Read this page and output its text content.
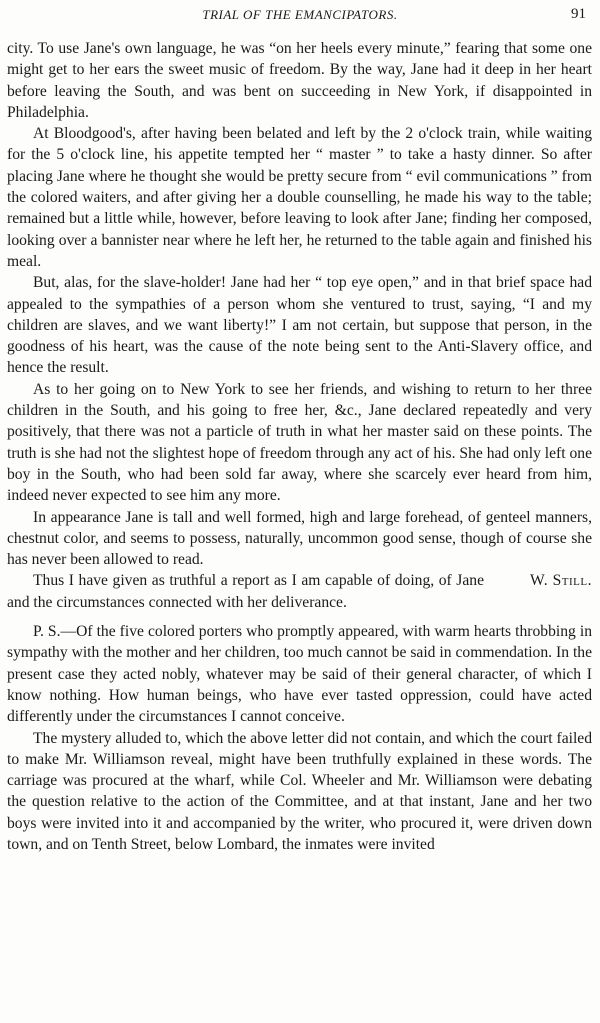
TRIAL OF THE EMANCIPATORS.	91

city. To use Jane's own language, he was “on her heels every minute,” fearing that some one might get to her ears the sweet music of freedom. By the way, Jane had it deep in her heart before leaving the South, and was bent on succeeding in New York, if disappointed in Philadelphia.

At Bloodgood's, after having been belated and left by the 2 o'clock train, while waiting for the 5 o'clock line, his appetite tempted her “ master ” to take a hasty dinner. So after placing Jane where he thought she would be pretty secure from “ evil communications ” from the colored waiters, and after giving her a double counselling, he made his way to the table; remained but a little while, however, before leaving to look after Jane; finding her composed, looking over a bannister near where he left her, he returned to the table again and finished his meal.

But, alas, for the slave-holder! Jane had her “ top eye open,” and in that brief space had appealed to the sympathies of a person whom she ventured to trust, saying, “I and my children are slaves, and we want liberty!” I am not certain, but suppose that person, in the goodness of his heart, was the cause of the note being sent to the Anti-Slavery office, and hence the result.

As to her going on to New York to see her friends, and wishing to return to her three children in the South, and his going to free her, &c., Jane declared repeatedly and very positively, that there was not a particle of truth in what her master said on these points. The truth is she had not the slightest hope of freedom through any act of his. She had only left one boy in the South, who had been sold far away, where she scarcely ever heard from him, indeed never expected to see him any more.

In appearance Jane is tall and well formed, high and large forehead, of genteel manners, chestnut color, and seems to possess, naturally, uncommon good sense, though of course she has never been allowed to read.

W. Still.
Thus I have given as truthful a report as I am capable of doing, of Jane and the circumstances connected with her deliverance.

P. S.—Of the five colored porters who promptly appeared, with warm hearts throbbing in sympathy with the mother and her children, too much cannot be said in commendation. In the present case they acted nobly, whatever may be said of their general character, of which I know nothing. How human beings, who have ever tasted oppression, could have acted differently under the circumstances I cannot conceive.

The mystery alluded to, which the above letter did not contain, and which the court failed to make Mr. Williamson reveal, might have been truthfully explained in these words. The carriage was procured at the wharf, while Col. Wheeler and Mr. Williamson were debating the question relative to the action of the Committee, and at that instant, Jane and her two boys were invited into it and accompanied by the writer, who procured it, were driven down town, and on Tenth Street, below Lombard, the inmates were invited
